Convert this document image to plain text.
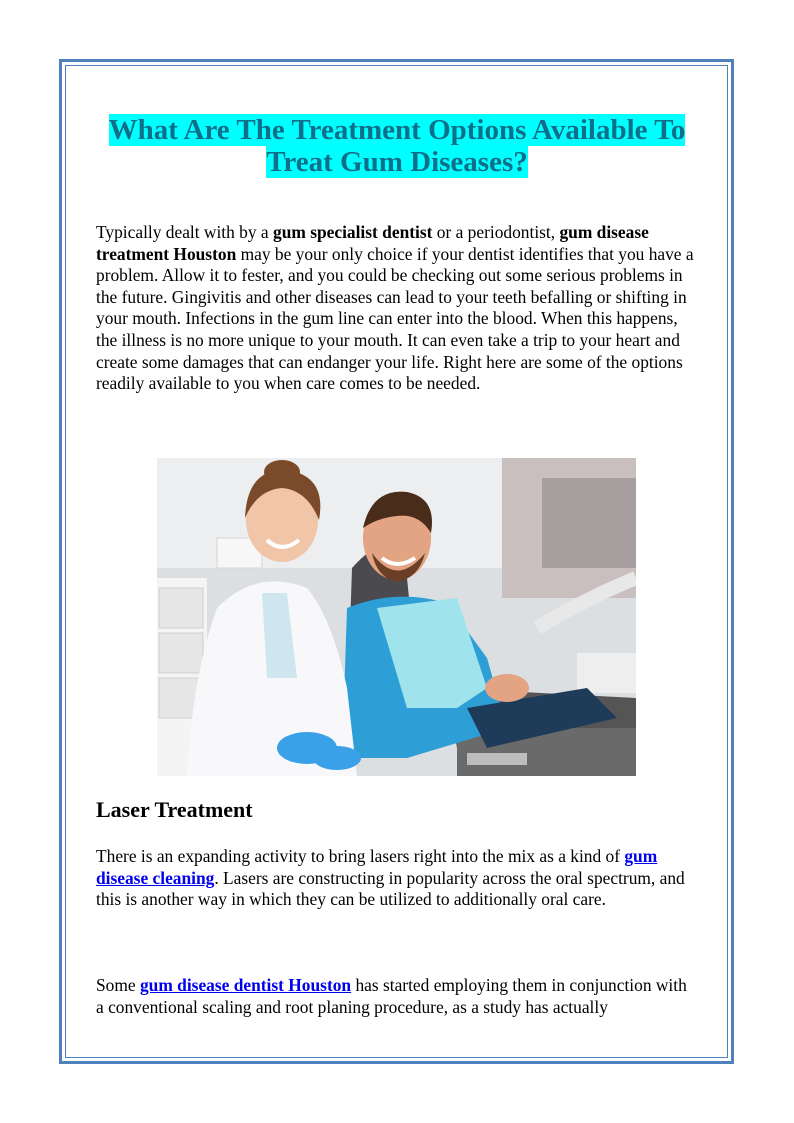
What Are The Treatment Options Available To
Treat Gum Diseases?

Typically dealt with by a gum specialist dentist or a periodontist, gum disease treatment Houston may be your only choice if your dentist identifies that you have a problem. Allow it to fester, and you could be checking out some serious problems in the future. Gingivitis and other diseases can lead to your teeth befalling or shifting in your mouth. Infections in the gum line can enter into the blood. When this happens, the illness is no more unique to your mouth. It can even take a trip to your heart and create some damages that can endanger your life. Right here are some of the options readily available to you when care comes to be needed.

Laser Treatment

There is an expanding activity to bring lasers right into the mix as a kind of gum disease cleaning. Lasers are constructing in popularity across the oral spectrum, and this is another way in which they can be utilized to additionally oral care.

Some gum disease dentist Houston has started employing them in conjunction with a conventional scaling and root planing procedure, as a study has actually
